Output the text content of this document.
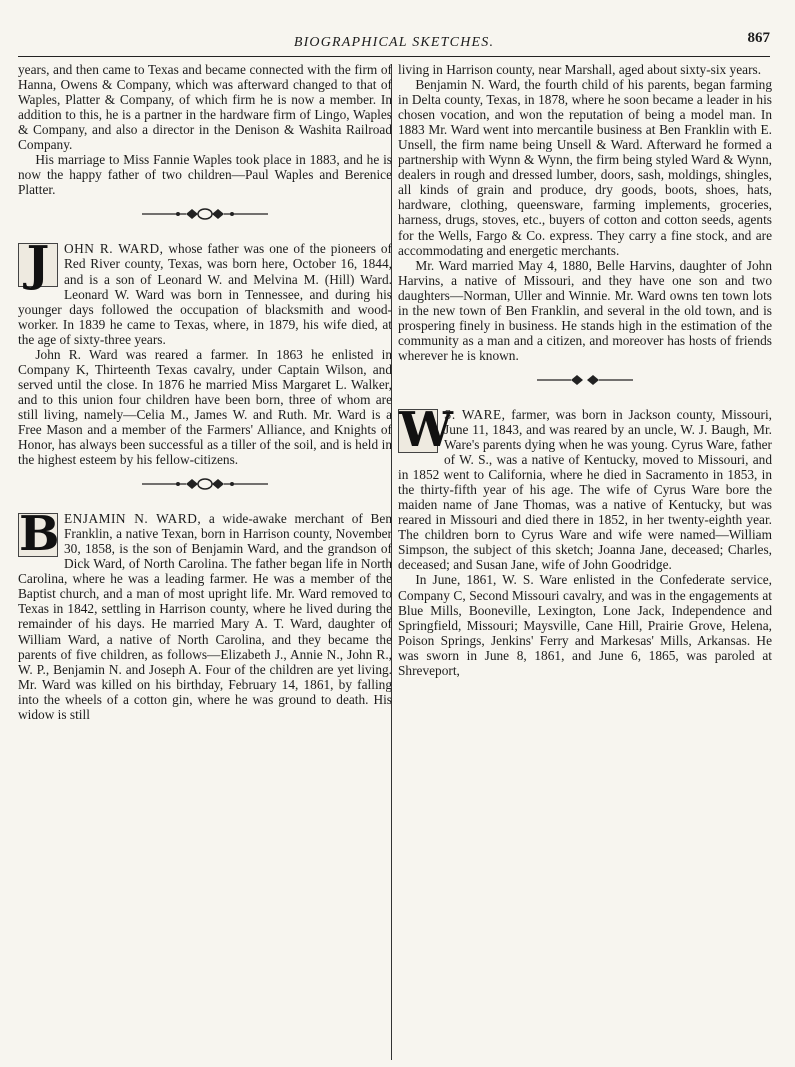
BIOGRAPHICAL SKETCHES.	867

years, and then came to Texas and became connected with the firm of Hanna, Owens & Company, which was afterward changed to that of Waples, Platter & Company, of which firm he is now a member. In addition to this, he is a partner in the hardware firm of Lingo, Waples & Company, and also a director in the Denison & Washita Railroad Company.

His marriage to Miss Fannie Waples took place in 1883, and he is now the happy father of two children—Paul Waples and Berenice Platter.

J	OHN R. WARD, whose father was one of the pioneers of Red River county, Texas, was born here, October 16, 1844, and is a son of Leonard W. and Melvina M. (Hill) Ward. Leonard W. Ward was born in Tennessee, and during his younger days followed the occupation of blacksmith and wood-worker. In 1839 he came to Texas, where, in 1879, his wife died, at the age of sixty-three years.

John R. Ward was reared a farmer. In 1863 he enlisted in Company K, Thirteenth Texas cavalry, under Captain Wilson, and served until the close. In 1876 he married Miss Margaret L. Walker, and to this union four children have been born, three of whom are still living, namely—Celia M., James W. and Ruth. Mr. Ward is a Free Mason and a member of the Farmers' Alliance, and Knights of Honor, has always been successful as a tiller of the soil, and is held in the highest esteem by his fellow-citizens.

B ENJAMIN N. WARD, a wide-awake merchant of Ben Franklin, a native Texan, born in Harrison county, November 30, 1858, is the son of Benjamin Ward, and the grandson of Dick Ward, of North Carolina. The father began life in North Carolina, where he was a leading farmer. He was a member of the Baptist church, and a man of most upright life. Mr. Ward removed to Texas in 1842, settling in Harrison county, where he lived during the remainder of his days. He married Mary A. T. Ward, daughter of William Ward, a native of North Carolina, and they became the parents of five children, as follows—Elizabeth J., Annie N., John R., W. P., Benjamin N. and Joseph A. Four of the children are yet living. Mr. Ward was killed on his birthday, February 14, 1861, by falling into the wheels of a cotton gin, where he was ground to death. His widow is still

living in Harrison county, near Marshall, aged about sixty-six years.

Benjamin N. Ward, the fourth child of his parents, began farming in Delta county, Texas, in 1878, where he soon became a leader in his chosen vocation, and won the reputation of being a model man. In 1883 Mr. Ward went into mercantile business at Ben Franklin with E. Unsell, the firm name being Unsell & Ward. Afterward he formed a partnership with Wynn & Wynn, the firm being styled Ward & Wynn, dealers in rough and dressed lumber, doors, sash, moldings, shingles, all kinds of grain and produce, dry goods, boots, shoes, hats, hardware, clothing, queensware, farming implements, groceries, harness, drugs, stoves, etc., buyers of cotton and cotton seeds, agents for the Wells, Fargo & Co. express. They carry a fine stock, and are accommodating and energetic merchants.

Mr. Ward married May 4, 1880, Belle Harvins, daughter of John Harvins, a native of Missouri, and they have one son and two daughters—Norman, Uller and Winnie. Mr. Ward owns ten town lots in the new town of Ben Franklin, and several in the old town, and is prospering finely in business. He stands high in the estimation of the community as a man and a citizen, and moreover has hosts of friends wherever he is known.

W
S. WARE, farmer, was born in Jackson county, Missouri, June 11, 1843, and was reared by an uncle, W. J. Baugh, Mr. Ware's parents dying when he was young. Cyrus Ware, father of W. S., was a native of Kentucky, moved to Missouri, and in 1852 went to California, where he died in Sacramento in 1853, in the thirty-fifth year of his age. The wife of Cyrus Ware bore the maiden name of Jane Thomas, was a native of Kentucky, but was reared in Missouri and died there in 1852, in her twenty-eighth year. The children born to Cyrus Ware and wife were named—William Simpson, the subject of this sketch; Joanna Jane, deceased; Charles, deceased; and Susan Jane, wife of John Goodridge.

In June, 1861, W. S. Ware enlisted in the Confederate service, Company C, Second Missouri cavalry, and was in the engagements at Blue Mills, Booneville, Lexington, Lone Jack, Independence and Springfield, Missouri; Maysville, Cane Hill, Prairie Grove, Helena, Poison Springs, Jenkins' Ferry and Markesas' Mills, Arkansas. He was sworn in June 8, 1861, and June 6, 1865, was paroled at Shreveport,
